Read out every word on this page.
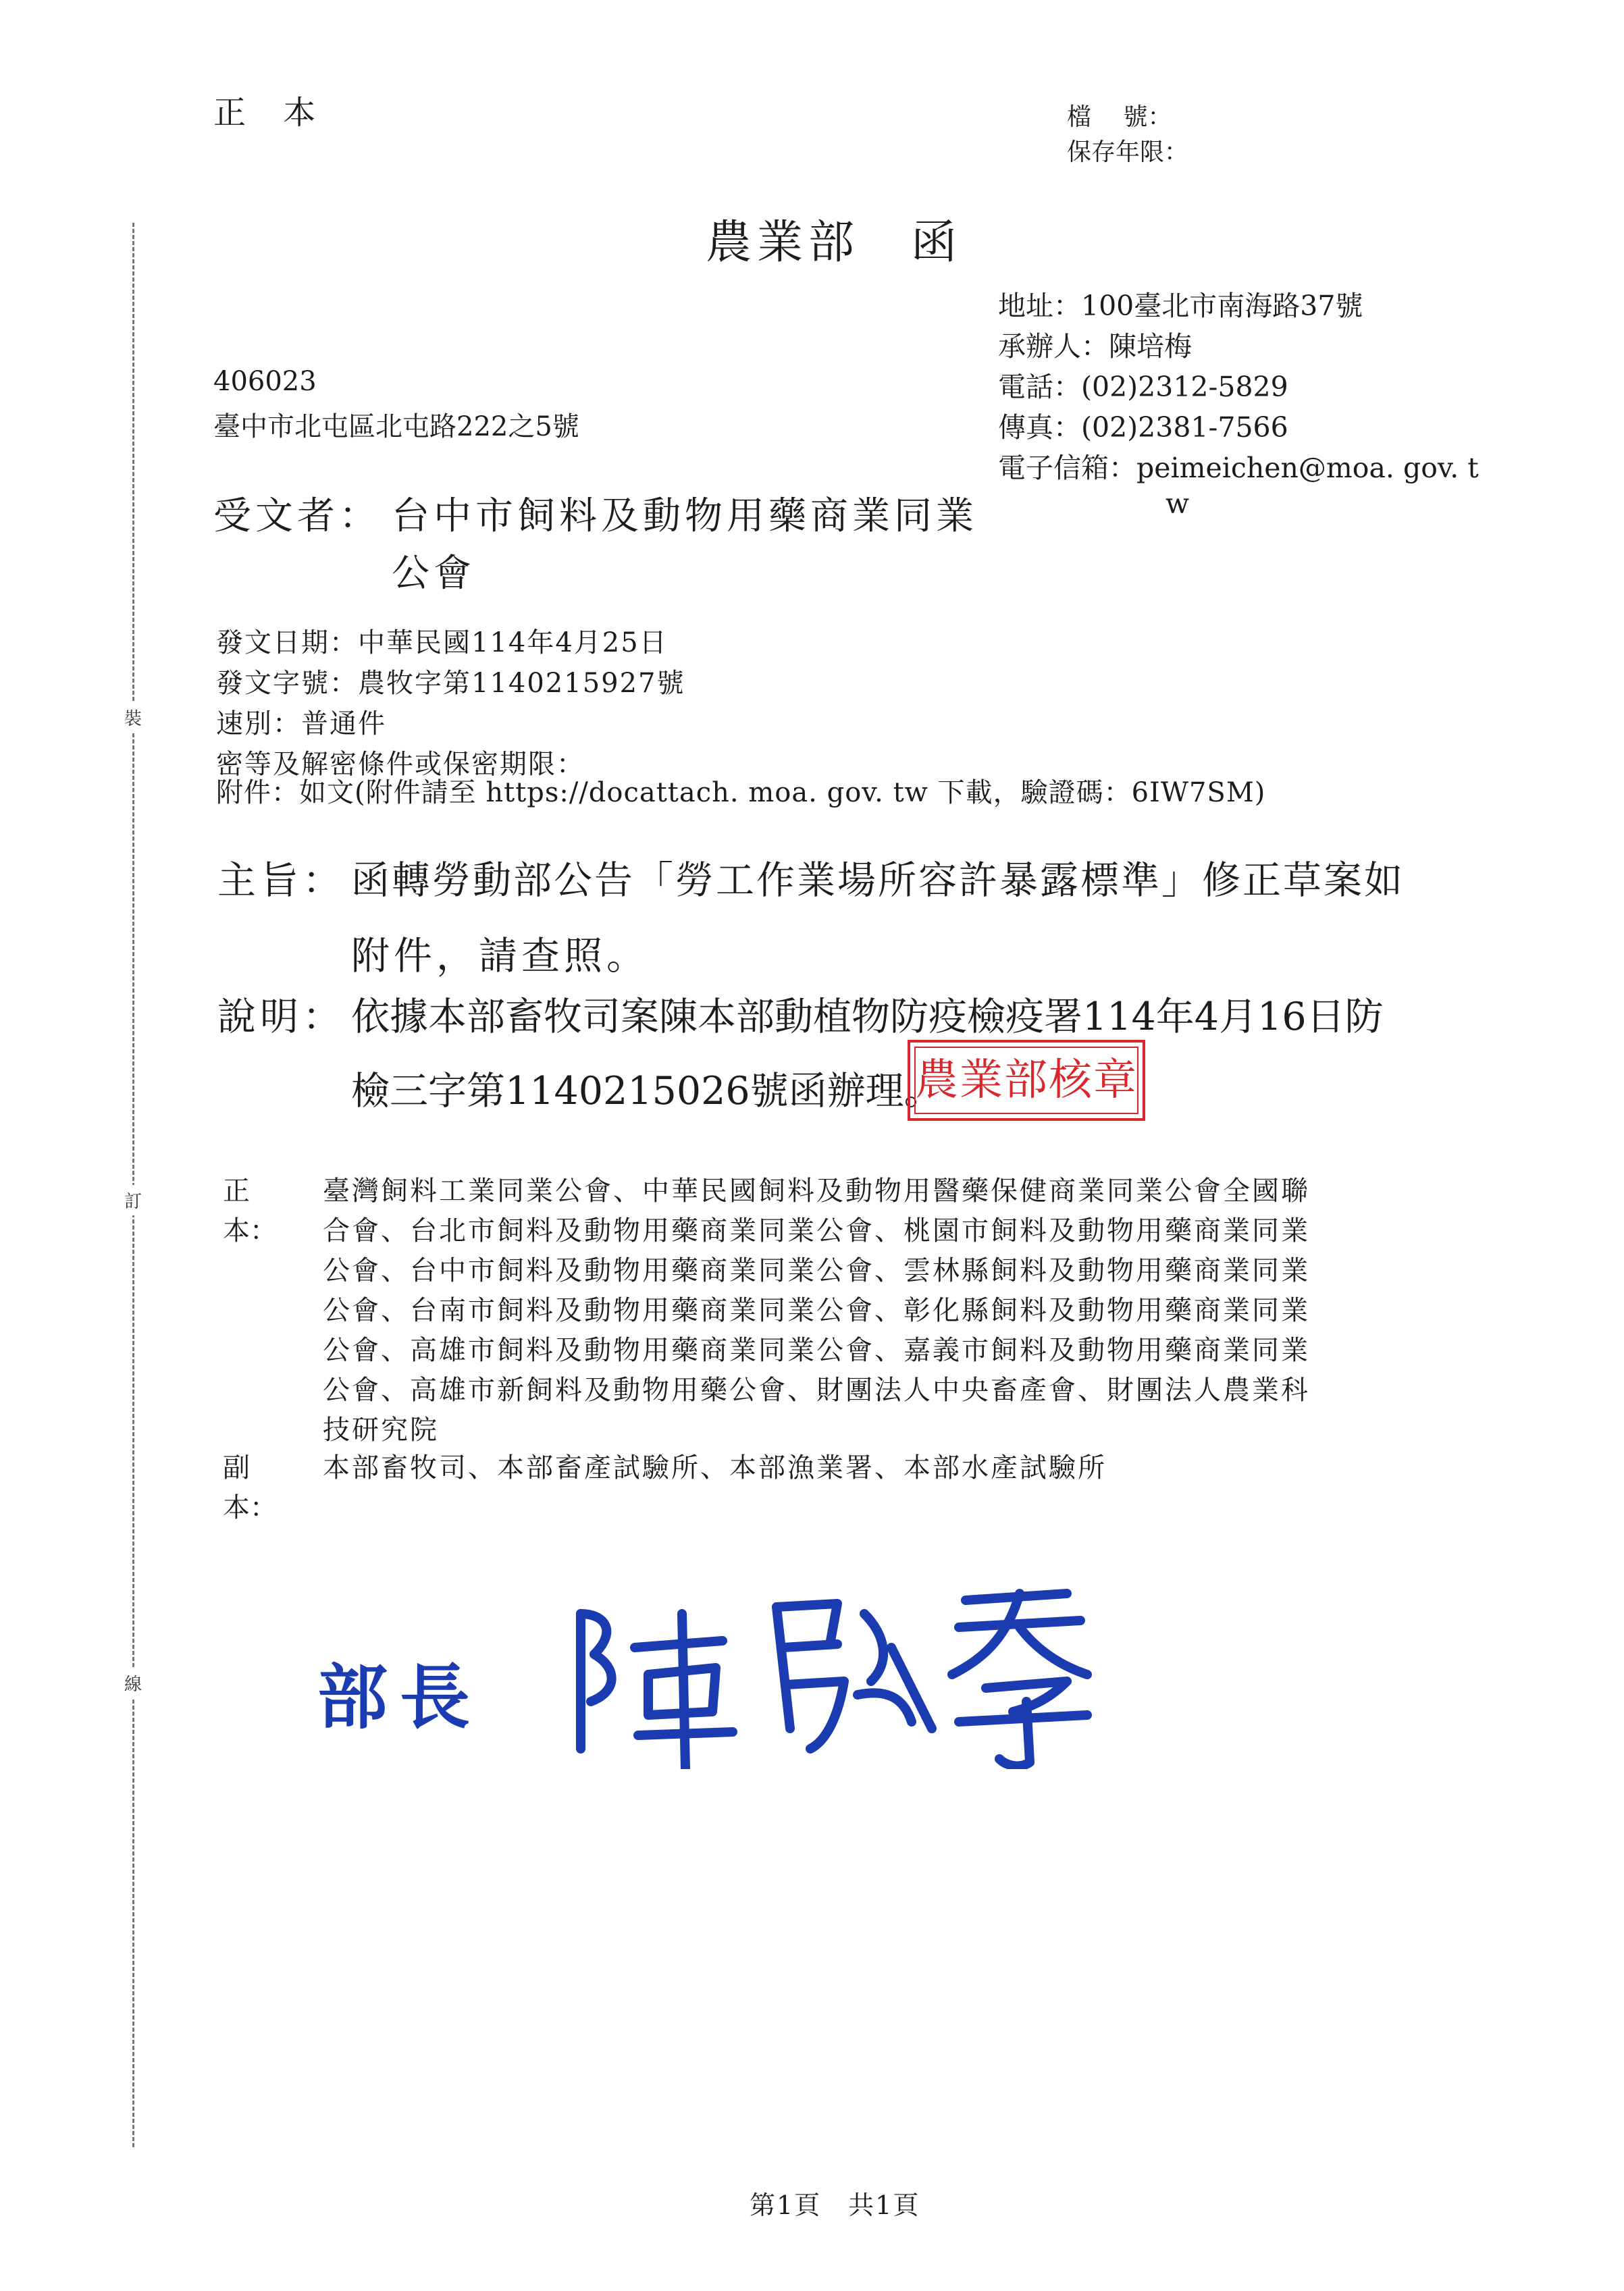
裝
訂
線
正 本	檔　 號：
保存年限：
農業部　函
地址：100臺北市南海路37號
承辦人：陳培梅
電話：(02)2312-5829
傳真：(02)2381-7566
電子信箱：peimeichen@moa. gov. t
w
406023
臺中市北屯區北屯路222之5號
受文者： 台中市飼料及動物用藥商業同業
公會
發文日期：中華民國114年4月25日
發文字號：農牧字第1140215927號
速別：普通件
密等及解密條件或保密期限：
附件：如文(附件請至 https://docattach. moa. gov. tw 下載，驗證碼：6IW7SM)
主旨： 函轉勞動部公告「勞工作業場所容許暴露標準」修正草案如
附件，請查照。
說明： 依據本部畜牧司案陳本部動植物防疫檢疫署114年4月16日防
檢三字第1140215026號函辦理。
農業部核章
正本：
臺灣飼料工業同業公會、中華民國飼料及動物用醫藥保健商業同業公會全國聯
合會、台北市飼料及動物用藥商業同業公會、桃園市飼料及動物用藥商業同業
公會、台中市飼料及動物用藥商業同業公會、雲林縣飼料及動物用藥商業同業
公會、台南市飼料及動物用藥商業同業公會、彰化縣飼料及動物用藥商業同業
公會、高雄市飼料及動物用藥商業同業公會、嘉義市飼料及動物用藥商業同業
公會、高雄市新飼料及動物用藥公會、財團法人中央畜產會、財團法人農業科
技研究院
副本：
本部畜牧司、本部畜產試驗所、本部漁業署、本部水產試驗所
部長
第1頁　共1頁
